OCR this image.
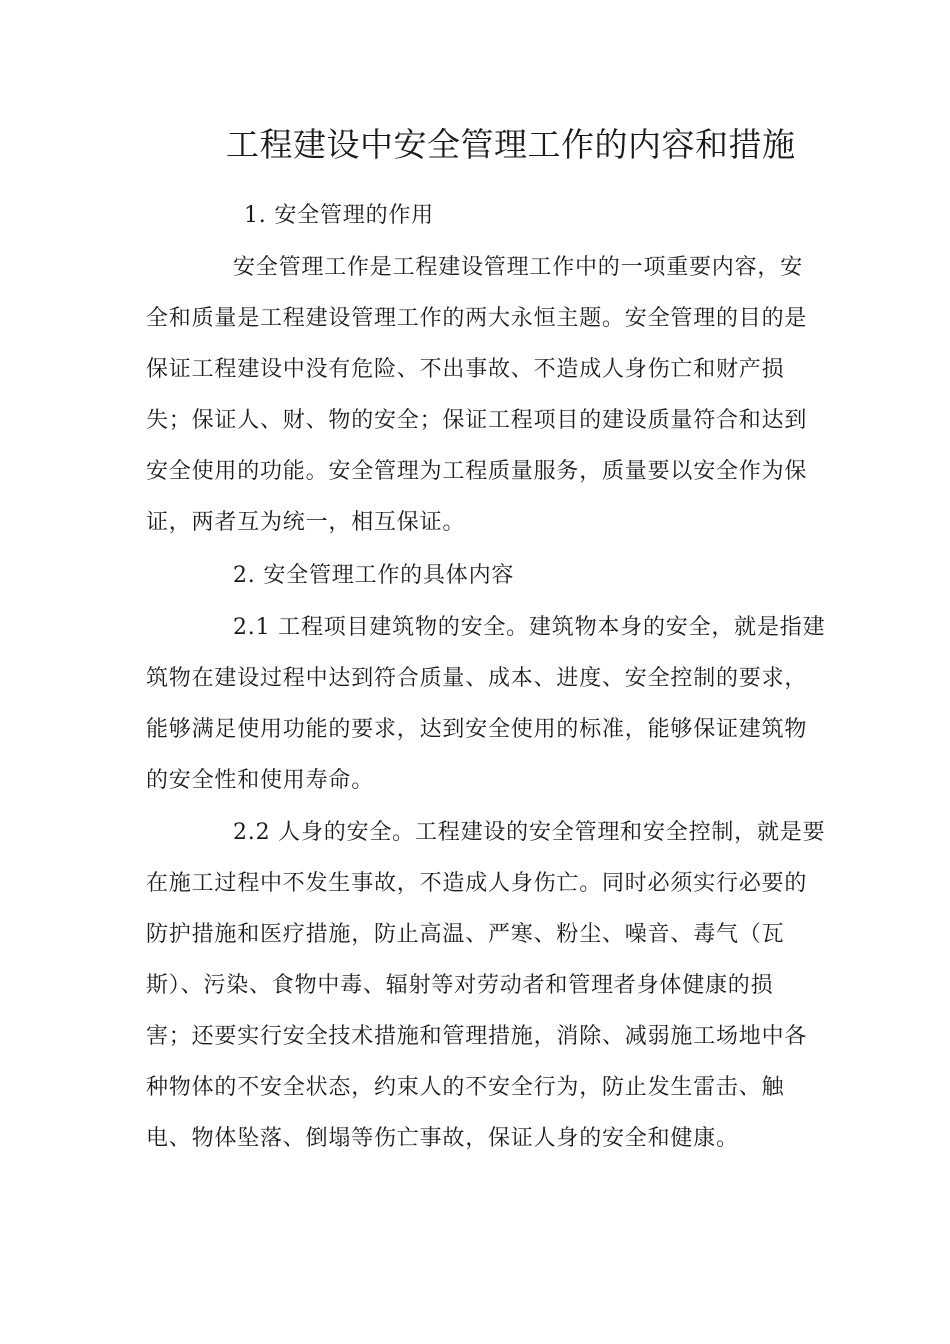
工程建设中安全管理工作的内容和措施
1. 安全管理的作用
安全管理工作是工程建设管理工作中的一项重要内容，安
全和质量是工程建设管理工作的两大永恒主题。安全管理的目的是
保证工程建设中没有危险、不出事故、不造成人身伤亡和财产损
失；保证人、财、物的安全；保证工程项目的建设质量符合和达到
安全使用的功能。安全管理为工程质量服务，质量要以安全作为保
证，两者互为统一，相互保证。
2. 安全管理工作的具体内容
2.1 工程项目建筑物的安全。建筑物本身的安全，就是指建
筑物在建设过程中达到符合质量、成本、进度、安全控制的要求，
能够满足使用功能的要求，达到安全使用的标准，能够保证建筑物
的安全性和使用寿命。
2.2 人身的安全。工程建设的安全管理和安全控制，就是要
在施工过程中不发生事故，不造成人身伤亡。同时必须实行必要的
防护措施和医疗措施，防止高温、严寒、粉尘、噪音、毒气（瓦
斯）、污染、食物中毒、辐射等对劳动者和管理者身体健康的损
害；还要实行安全技术措施和管理措施，消除、减弱施工场地中各
种物体的不安全状态，约束人的不安全行为，防止发生雷击、触
电、物体坠落、倒塌等伤亡事故，保证人身的安全和健康。
